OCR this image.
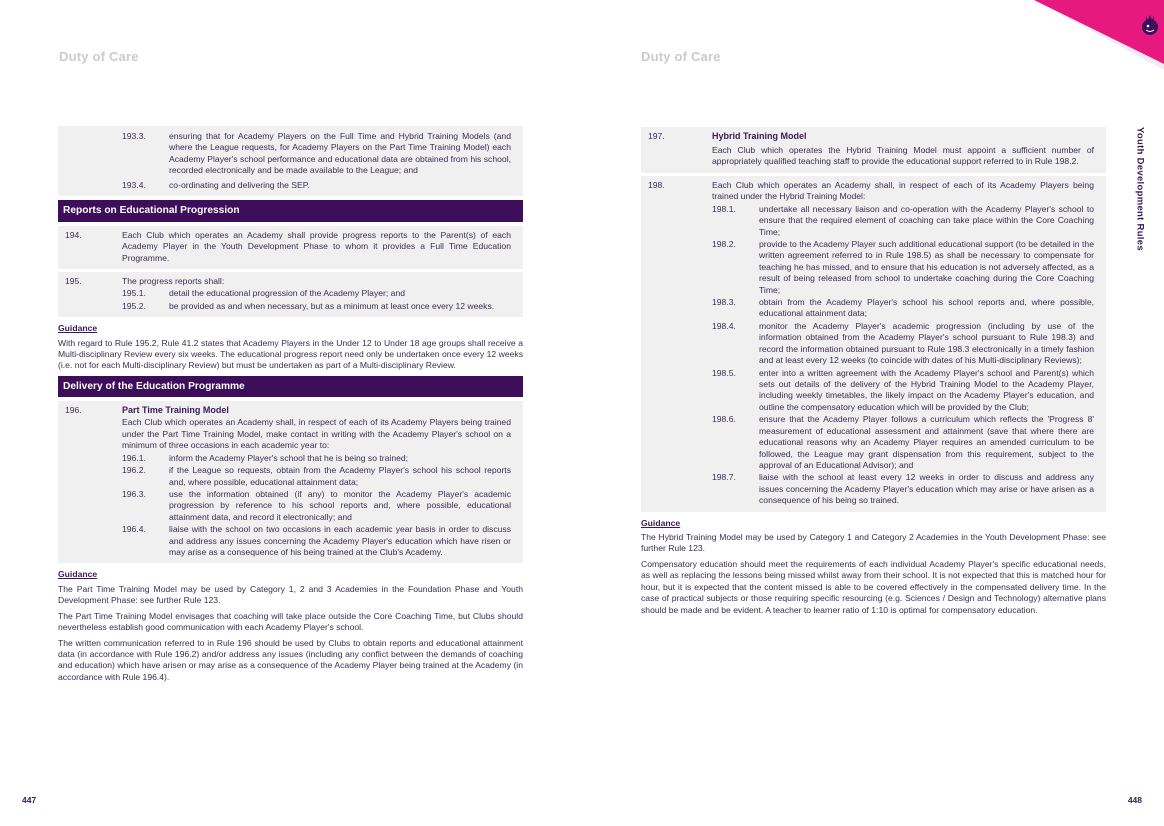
Duty of Care	Duty of Care
Youth Development Rules
193.3.	ensuring that for Academy Players on the Full Time and Hybrid Training Models (and where the League requests, for Academy Players on the Part Time Training Model) each Academy Player's school performance and educational data are obtained from his school, recorded electronically and be made available to the League; and
193.4.	co-ordinating and delivering the SEP.
Reports on Educational Progression
194.	Each Club which operates an Academy shall provide progress reports to the Parent(s) of each Academy Player in the Youth Development Phase to whom it provides a Full Time Education Programme.
195.	The progress reports shall:
195.1.	detail the educational progression of the Academy Player; and
195.2.	be provided as and when necessary, but as a minimum at least once every 12 weeks.
Guidance
With regard to Rule 195.2, Rule 41.2 states that Academy Players in the Under 12 to Under 18 age groups shall receive a Multi-disciplinary Review every six weeks. The educational progress report need only be undertaken once every 12 weeks (i.e. not for each Multi-disciplinary Review) but must be undertaken as part of a Multi-disciplinary Review.
Delivery of the Education Programme
196.	Part Time Training Model
Each Club which operates an Academy shall, in respect of each of its Academy Players being trained under the Part Time Training Model, make contact in writing with the Academy Player's school on a minimum of three occasions in each academic year to:
196.1.	inform the Academy Player's school that he is being so trained;
196.2.	if the League so requests, obtain from the Academy Player's school his school reports and, where possible, educational attainment data;
196.3.	use the information obtained (if any) to monitor the Academy Player's academic progression by reference to his school reports and, where possible, educational attainment data, and record it electronically; and
196.4.	liaise with the school on two occasions in each academic year basis in order to discuss and address any issues concerning the Academy Player's education which have risen or may arise as a consequence of his being trained at the Club's Academy.
Guidance
The Part Time Training Model may be used by Category 1, 2 and 3 Academies in the Foundation Phase and Youth Development Phase: see further Rule 123.
The Part Time Training Model envisages that coaching will take place outside the Core Coaching Time, but Clubs should nevertheless establish good communication with each Academy Player's school.
The written communication referred to in Rule 196 should be used by Clubs to obtain reports and educational attainment data (in accordance with Rule 196.2) and/or address any issues (including any conflict between the demands of coaching and education) which have arisen or may arise as a consequence of the Academy Player being trained at the Academy (in accordance with Rule 196.4).
197.	Hybrid Training Model
Each Club which operates the Hybrid Training Model must appoint a sufficient number of appropriately qualified teaching staff to provide the educational support referred to in Rule 198.2.
198.	Each Club which operates an Academy shall, in respect of each of its Academy Players being trained under the Hybrid Training Model:
198.1.	undertake all necessary liaison and co-operation with the Academy Player's school to ensure that the required element of coaching can take place within the Core Coaching Time;
198.2.	provide to the Academy Player such additional educational support (to be detailed in the written agreement referred to in Rule 198.5) as shall be necessary to compensate for teaching he has missed, and to ensure that his education is not adversely affected, as a result of being released from school to undertake coaching during the Core Coaching Time;
198.3.	obtain from the Academy Player's school his school reports and, where possible, educational attainment data;
198.4.	monitor the Academy Player's academic progression (including by use of the information obtained from the Academy Player's school pursuant to Rule 198.3) and record the information obtained pursuant to Rule 198.3 electronically in a timely fashion and at least every 12 weeks (to coincide with dates of his Multi-disciplinary Reviews);
198.5.	enter into a written agreement with the Academy Player's school and Parent(s) which sets out details of the delivery of the Hybrid Training Model to the Academy Player, including weekly timetables, the likely impact on the Academy Player's education, and outline the compensatory education which will be provided by the Club;
198.6.	ensure that the Academy Player follows a curriculum which reflects the 'Progress 8' measurement of educational assessment and attainment (save that where there are educational reasons why an Academy Player requires an amended curriculum to be followed, the League may grant dispensation from this requirement, subject to the approval of an Educational Advisor); and
198.7.	liaise with the school at least every 12 weeks in order to discuss and address any issues concerning the Academy Player's education which may arise or have arisen as a consequence of his being so trained.
Guidance
The Hybrid Training Model may be used by Category 1 and Category 2 Academies in the Youth Development Phase: see further Rule 123.
Compensatory education should meet the requirements of each individual Academy Player's specific educational needs, as well as replacing the lessons being missed whilst away from their school. It is not expected that this is matched hour for hour, but it is expected that the content missed is able to be covered effectively in the compensated delivery time. In the case of practical subjects or those requiring specific resourcing (e.g. Sciences / Design and Technology) alternative plans should be made and be evident. A teacher to learner ratio of 1:10 is optimal for compensatory education.
447	448
